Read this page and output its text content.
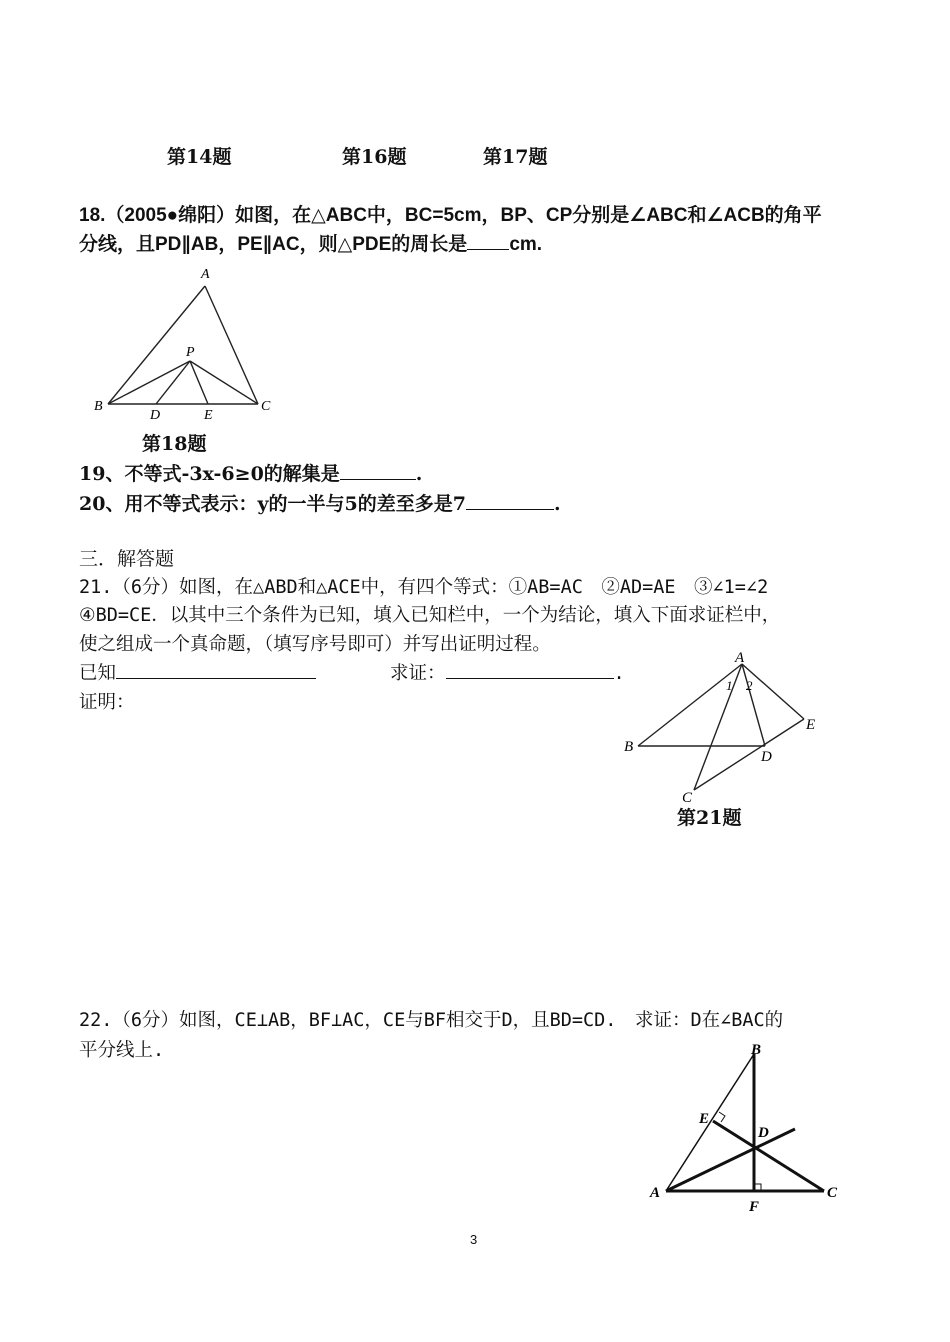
第14题	第16题	第17题
18.（2005●绵阳）如图，在△ABC中，BC=5cm，BP、CP分别是∠ABC和∠ACB的角平
分线，且PD∥AB，PE∥AC，则△PDE的周长是 cm.
A
P
B	C
D	E
第18题
19、不等式-3x-6≥0的解集是	.
20、用不等式表示：y的一半与5的差至多是7	.
三．解答题
21.（6分）如图，在△ABD和△ACE中，有四个等式：①AB=AC　②AD=AE　③∠1=∠2
④BD=CE．以其中三个条件为已知，填入已知栏中，一个为结论，填入下面求证栏中，
使之组成一个真命题，（填写序号即可）并写出证明过程。
已知	求证：	.
证明：
A
1 2
B
D
E
C
第21题
22.（6分）如图，CE⊥AB，BF⊥AC，CE与BF相交于D，且BD=CD.　求证：D在∠BAC的
平分线上.	B
E
D
A	C
F
3
